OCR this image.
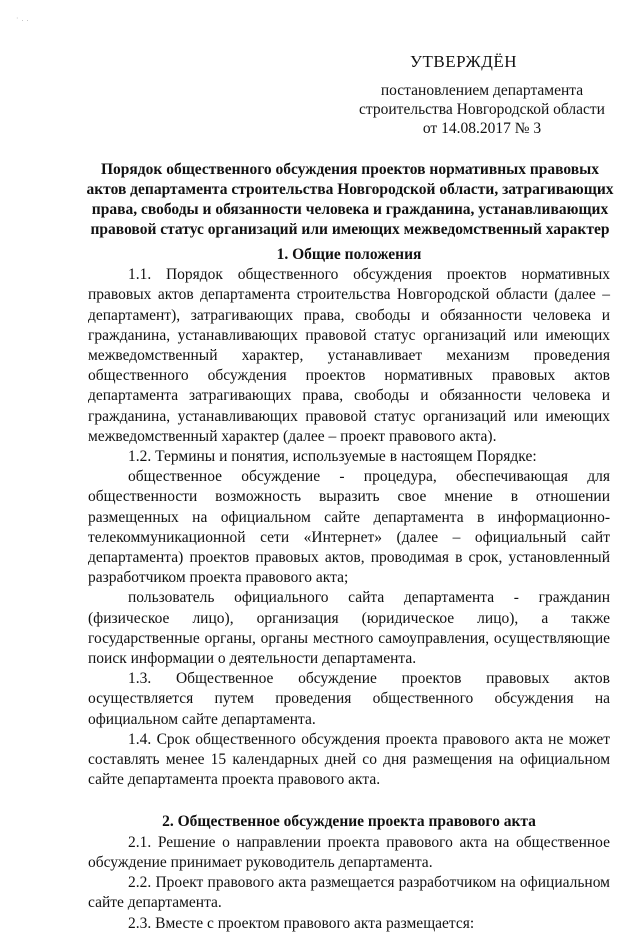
· . .
УТВЕРЖДЁН
постановлением департамента
строительства Новгородской области
от 14.08.2017 № 3
Порядок общественного обсуждения проектов нормативных правовых актов департамента строительства Новгородской области, затрагивающих права, свободы и обязанности человека и гражданина, устанавливающих правовой статус организаций или имеющих межведомственный характер

1. Общие положения

1.1. Порядок общественного обсуждения проектов нормативных правовых актов департамента строительства Новгородской области (далее – департамент), затрагивающих права, свободы и обязанности человека и гражданина, устанавливающих правовой статус организаций или имеющих межведомственный характер, устанавливает механизм проведения общественного обсуждения проектов нормативных правовых актов департамента затрагивающих права, свободы и обязанности человека и гражданина, устанавливающих правовой статус организаций или имеющих межведомственный характер (далее – проект правового акта).

1.2. Термины и понятия, используемые в настоящем Порядке:

общественное обсуждение - процедура, обеспечивающая для общественности возможность выразить свое мнение в отношении размещенных на официальном сайте департамента в информационно-телекоммуникационной сети «Интернет» (далее – официальный сайт департамента) проектов правовых актов, проводимая в срок, установленный разработчиком проекта правового акта;

пользователь официального сайта департамента - гражданин (физическое лицо), организация (юридическое лицо), а также государственные органы, органы местного самоуправления, осуществляющие поиск информации о деятельности департамента.

1.3. Общественное обсуждение проектов правовых актов осуществляется путем проведения общественного обсуждения на официальном сайте департамента.

1.4. Срок общественного обсуждения проекта правового акта не может составлять менее 15 календарных дней со дня размещения на официальном сайте департамента проекта правового акта.

2. Общественное обсуждение проекта правового акта

2.1. Решение о направлении проекта правового акта на общественное обсуждение принимает руководитель департамента.

2.2. Проект правового акта размещается разработчиком на официальном сайте департамента.

2.3. Вместе с проектом правового акта размещается:
